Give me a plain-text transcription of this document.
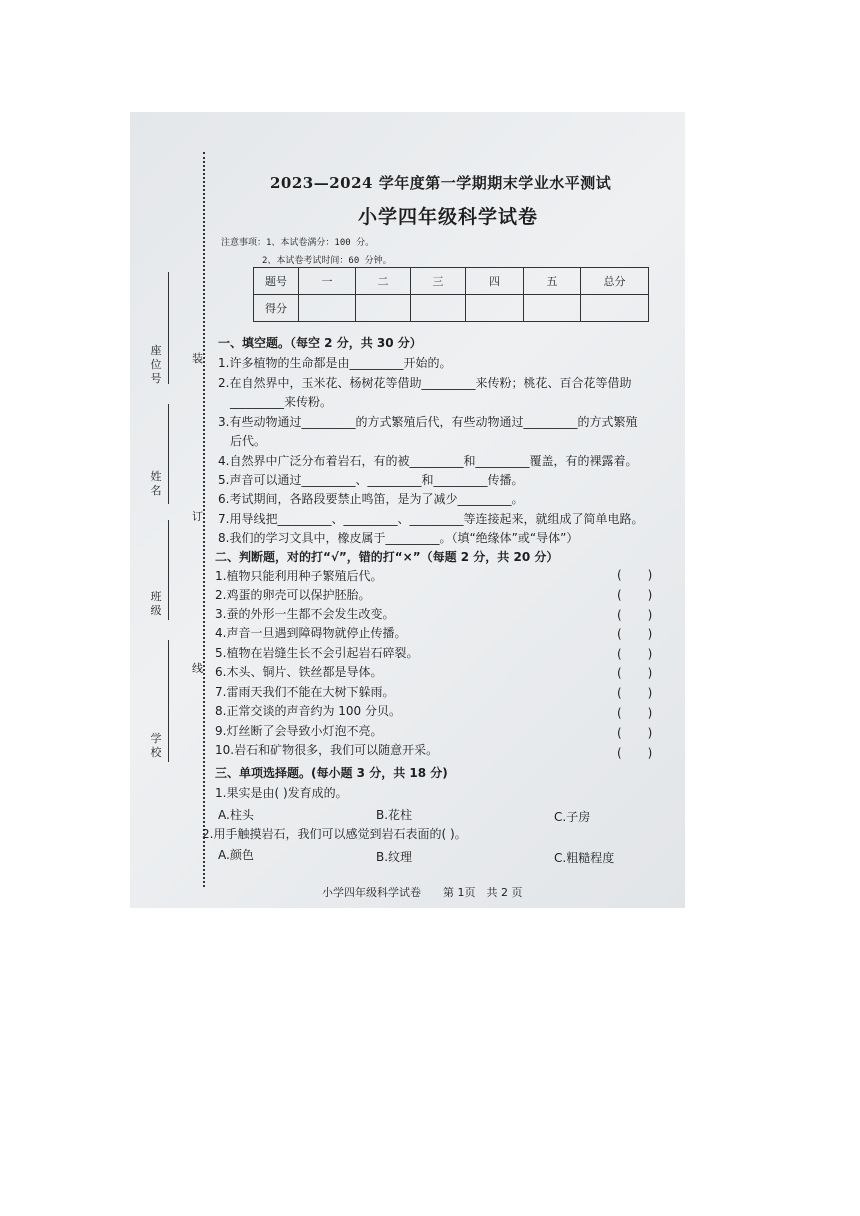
装
订
线
座位号
姓名
班级
学校
2023—2024 学年度第一学期期末学业水平测试
小学四年级科学试卷
注意事项：1、本试卷满分：100 分。
2、本试卷考试时间：60 分钟。
题号	一	二	三	四	五	总分
得分						
一、填空题。（每空 2 分，共 30 分）
1.许多植物的生命都是由_________开始的。
2.在自然界中，玉米花、杨树花等借助_________来传粉；桃花、百合花等借助
_________来传粉。
3.有些动物通过_________的方式繁殖后代，有些动物通过_________的方式繁殖
后代。
4.自然界中广泛分布着岩石，有的被_________和_________覆盖，有的裸露着。
5.声音可以通过_________、_________和_________传播。
6.考试期间，各路段要禁止鸣笛，是为了减少_________。
7.用导线把_________、_________、_________等连接起来，就组成了简单电路。
8.我们的学习文具中，橡皮属于_________。（填“绝缘体”或“导体”）
二、判断题，对的打“√”，错的打“×”（每题 2 分，共 20 分）
1.植物只能利用种子繁殖后代。	()
2.鸡蛋的卵壳可以保护胚胎。	()
3.蚕的外形一生都不会发生改变。	()
4.声音一旦遇到障碍物就停止传播。	()
5.植物在岩缝生长不会引起岩石碎裂。	()
6.木头、铜片、铁丝都是导体。	()
7.雷雨天我们不能在大树下躲雨。	()
8.正常交谈的声音约为 100 分贝。	()
9.灯丝断了会导致小灯泡不亮。	()
10.岩石和矿物很多，我们可以随意开采。	()
三、单项选择题。(每小题 3 分，共 18 分)
1.果实是由( )发育成的。
A.柱头	B.花柱	C.子房
2.用手触摸岩石，我们可以感觉到岩石表面的( )。
A.颜色	B.纹理	C.粗糙程度
小学四年级科学试卷　　第 1页　共 2 页
